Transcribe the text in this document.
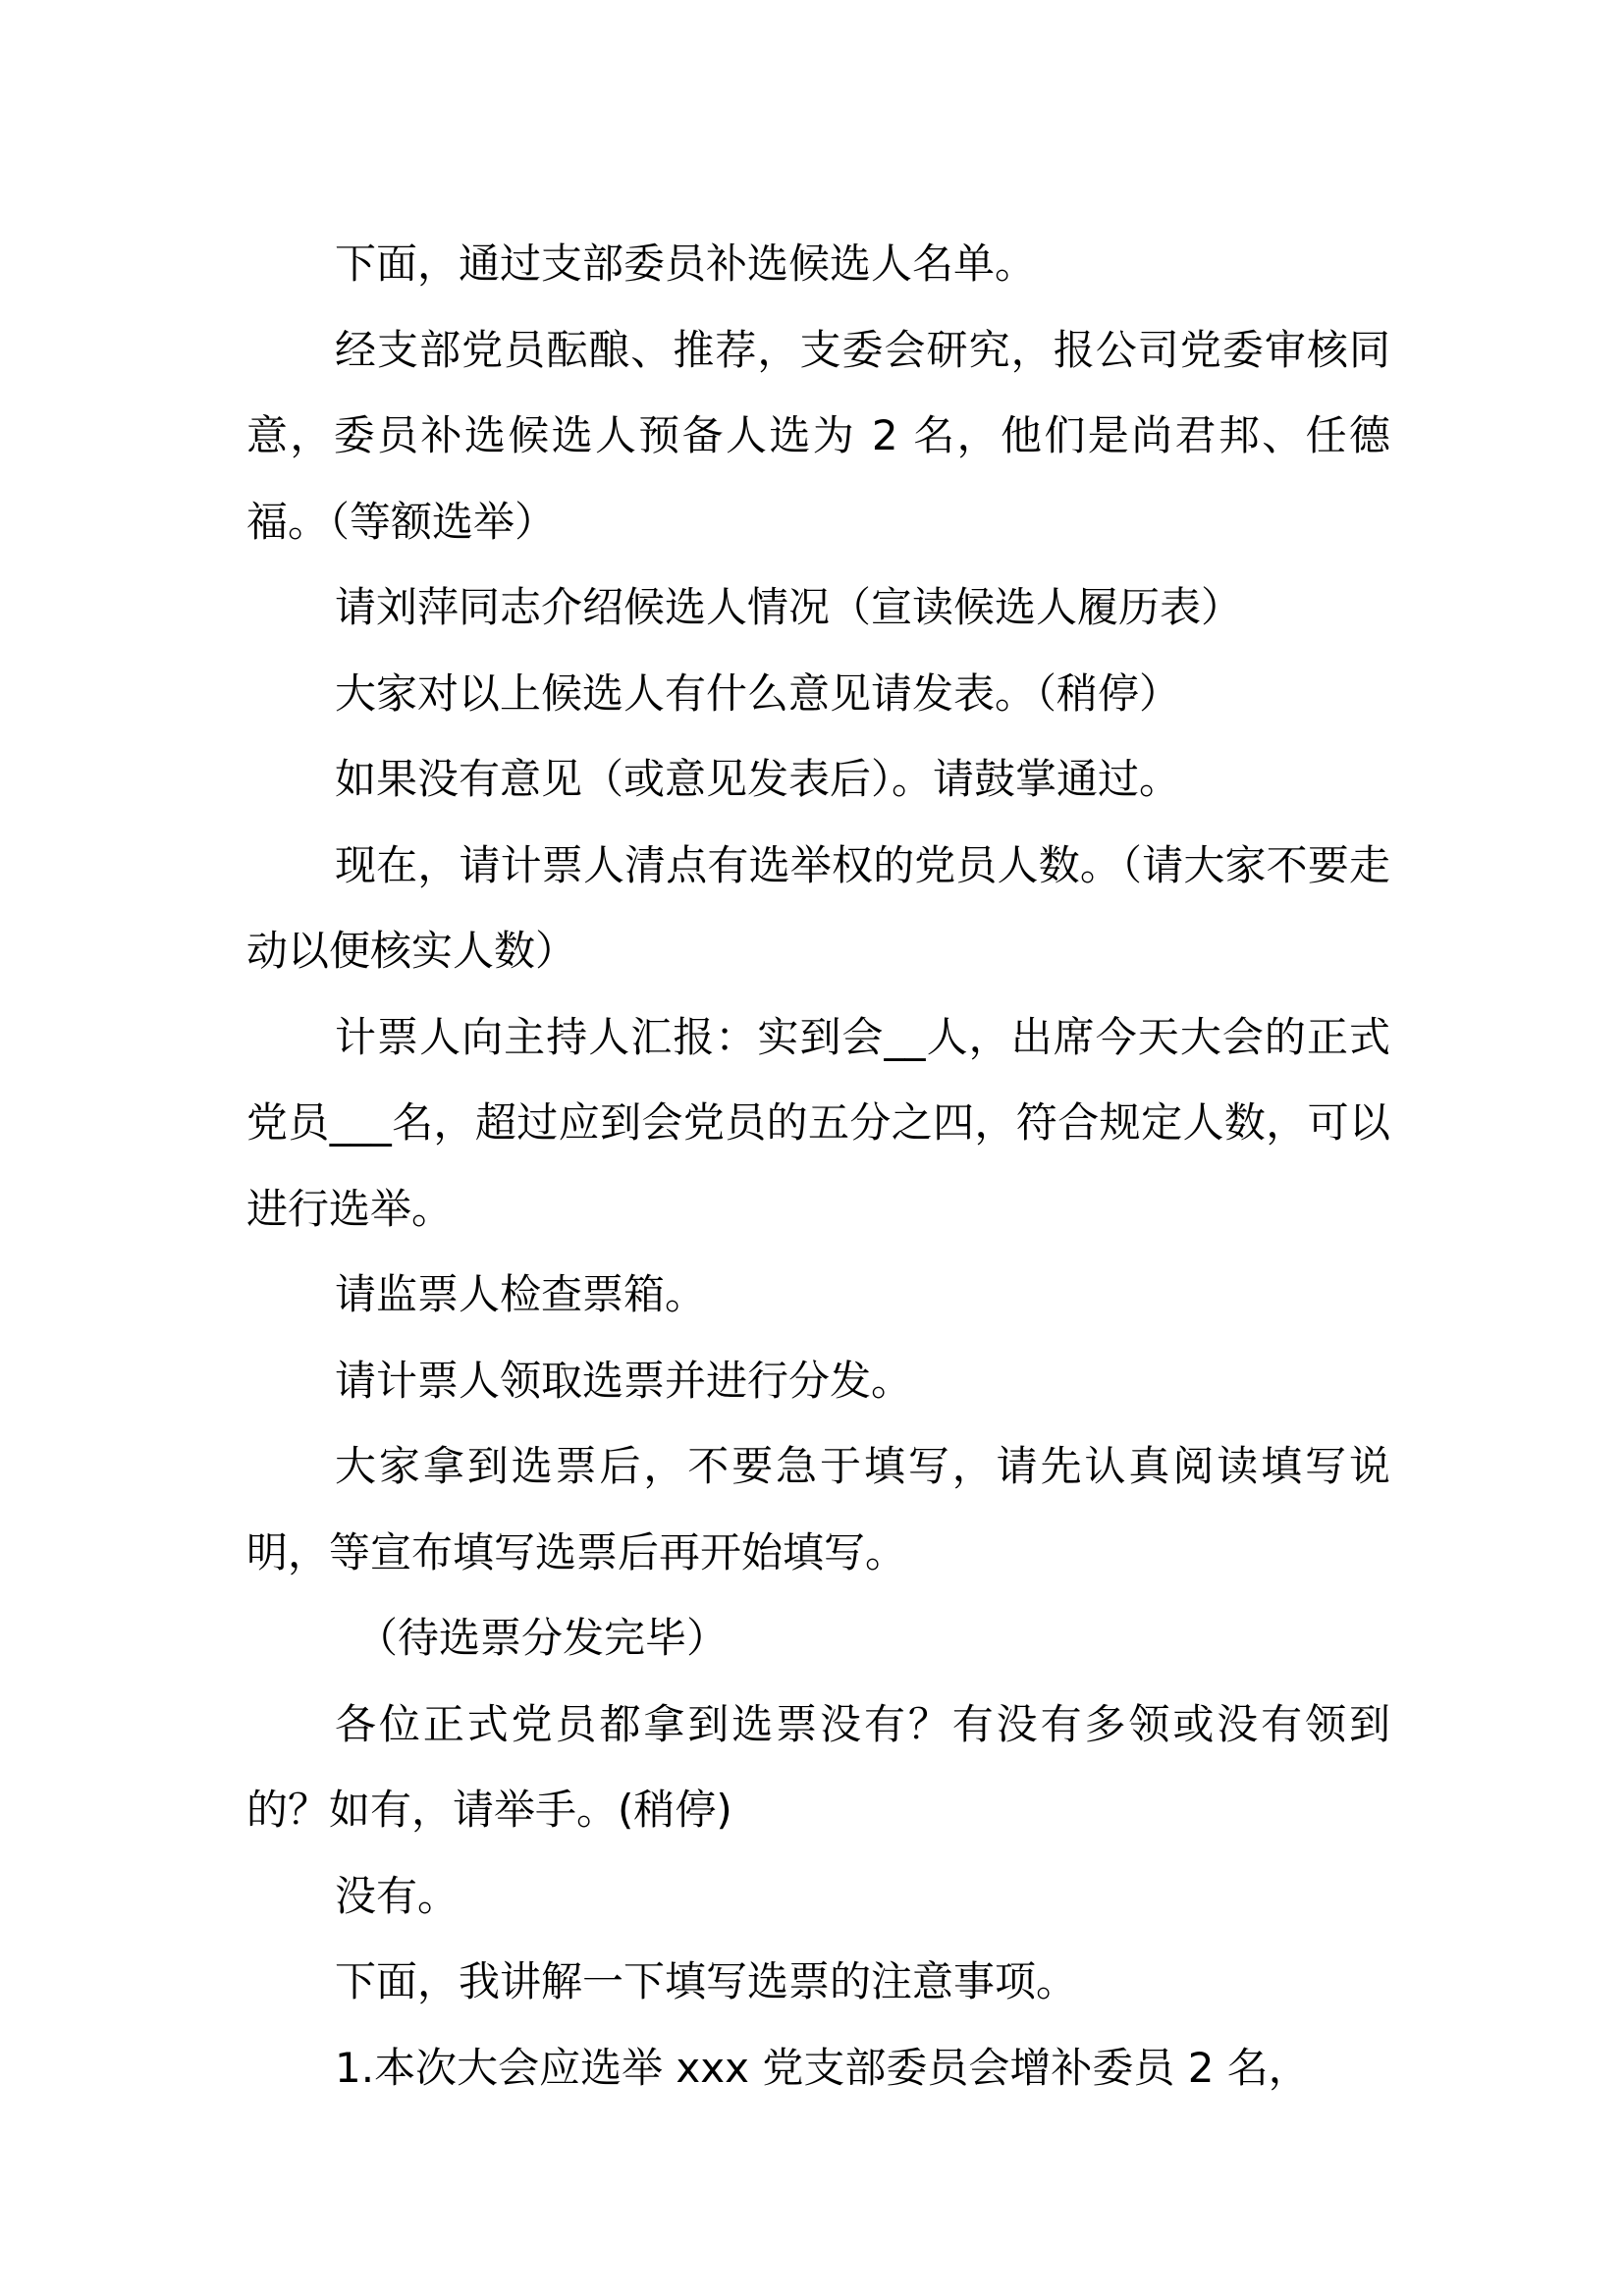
下面，通过支部委员补选候选人名单。

经支部党员酝酿、推荐，支委会研究，报公司党委审核同意，委员补选候选人预备人选为 2 名，他们是尚君邦、任德福。（等额选举）

请刘萍同志介绍候选人情况（宣读候选人履历表）

大家对以上候选人有什么意见请发表。（稍停）

如果没有意见（或意见发表后）。请鼓掌通过。

现在，请计票人清点有选举权的党员人数。（请大家不要走动以便核实人数）

计票人向主持人汇报：实到会__人，出席今天大会的正式党员___名，超过应到会党员的五分之四，符合规定人数，可以进行选举。

请监票人检查票箱。

请计票人领取选票并进行分发。

大家拿到选票后，不要急于填写，请先认真阅读填写说明，等宣布填写选票后再开始填写。

（待选票分发完毕）

各位正式党员都拿到选票没有？有没有多领或没有领到的？如有，请举手。(稍停)

没有。

下面，我讲解一下填写选票的注意事项。

1.本次大会应选举 xxx 党支部委员会增补委员 2 名，
